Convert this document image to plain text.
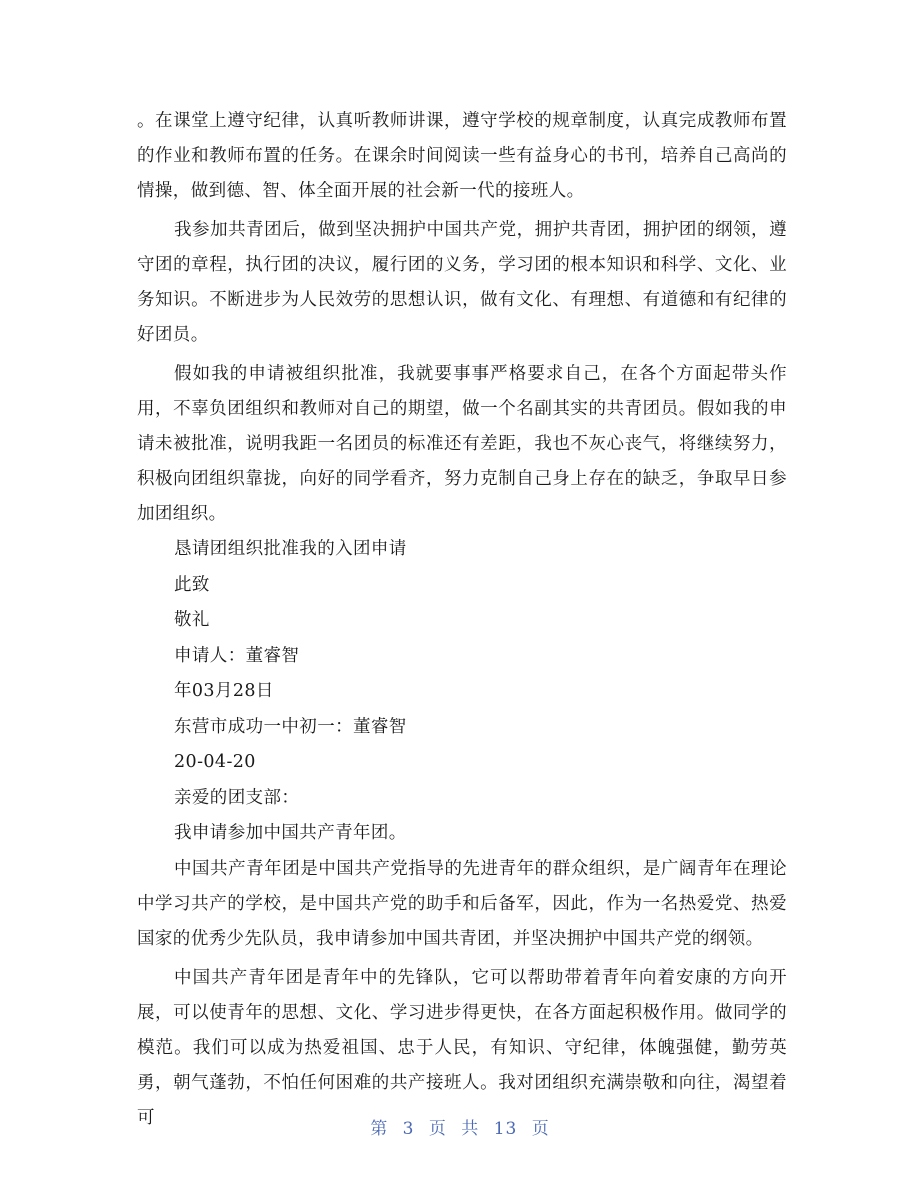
。在课堂上遵守纪律，认真听教师讲课，遵守学校的规章制度，认真完成教师布置的作业和教师布置的任务。在课余时间阅读一些有益身心的书刊，培养自己高尚的情操，做到德、智、体全面开展的社会新一代的接班人。

我参加共青团后，做到坚决拥护中国共产党，拥护共青团，拥护团的纲领，遵守团的章程，执行团的决议，履行团的义务，学习团的根本知识和科学、文化、业务知识。不断进步为人民效劳的思想认识，做有文化、有理想、有道德和有纪律的好团员。

假如我的申请被组织批准，我就要事事严格要求自己，在各个方面起带头作用，不辜负团组织和教师对自己的期望，做一个名副其实的共青团员。假如我的申请未被批准，说明我距一名团员的标准还有差距，我也不灰心丧气，将继续努力，积极向团组织靠拢，向好的同学看齐，努力克制自己身上存在的缺乏，争取早日参加团组织。

恳请团组织批准我的入团申请

此致

敬礼

申请人：董睿智

年03月28日

东营市成功一中初一：董睿智

20-04-20

亲爱的团支部：

我申请参加中国共产青年团。

中国共产青年团是中国共产党指导的先进青年的群众组织，是广阔青年在理论中学习共产的学校，是中国共产党的助手和后备军，因此，作为一名热爱党、热爱国家的优秀少先队员，我申请参加中国共青团，并坚决拥护中国共产党的纲领。

中国共产青年团是青年中的先锋队，它可以帮助带着青年向着安康的方向开展，可以使青年的思想、文化、学习进步得更快，在各方面起积极作用。做同学的模范。我们可以成为热爱祖国、忠于人民，有知识、守纪律，体魄强健，勤劳英勇，朝气蓬勃，不怕任何困难的共产接班人。我对团组织充满崇敬和向往，渴望着可

第 3 页 共 13 页
